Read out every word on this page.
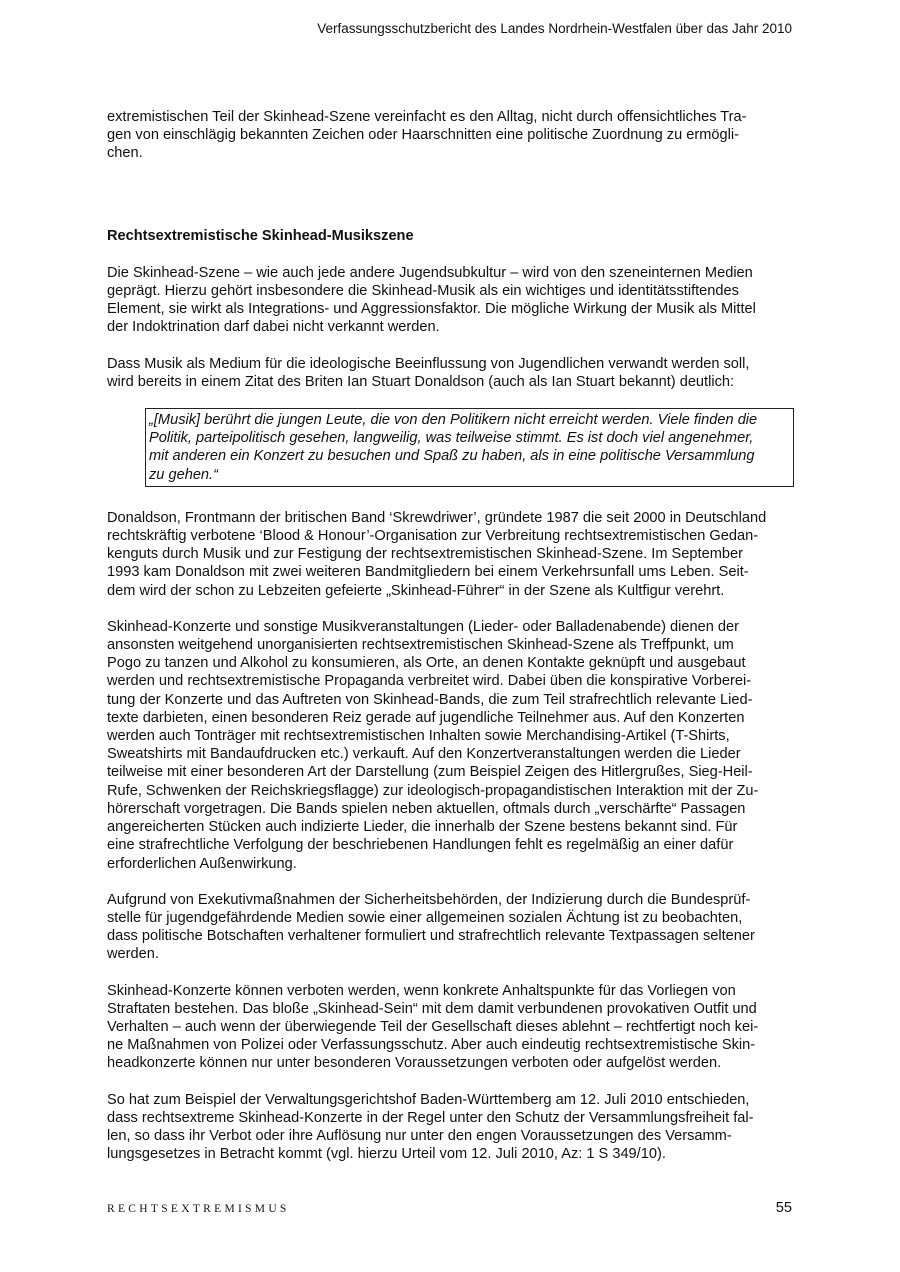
Verfassungsschutzbericht des Landes Nordrhein-Westfalen über das Jahr 2010
extremistischen Teil der Skinhead-Szene vereinfacht es den Alltag, nicht durch offensichtliches Tra-
gen von einschlägig bekannten Zeichen oder Haarschnitten eine politische Zuordnung zu ermögli-
chen.
Rechtsextremistische Skinhead-Musikszene
Die Skinhead-Szene – wie auch jede andere Jugendsubkultur – wird von den szeneinternen Medien
geprägt. Hierzu gehört insbesondere die Skinhead-Musik als ein wichtiges und identitätsstiftendes
Element, sie wirkt als Integrations- und Aggressionsfaktor. Die mögliche Wirkung der Musik als Mittel
der Indoktrination darf dabei nicht verkannt werden.
Dass Musik als Medium für die ideologische Beeinflussung von Jugendlichen verwandt werden soll,
wird bereits in einem Zitat des Briten Ian Stuart Donaldson (auch als Ian Stuart bekannt) deutlich:
„[Musik] berührt die jungen Leute, die von den Politikern nicht erreicht werden. Viele finden die
Politik, parteipolitisch gesehen, langweilig, was teilweise stimmt. Es ist doch viel angenehmer,
mit anderen ein Konzert zu besuchen und Spaß zu haben, als in eine politische Versammlung
zu gehen.“
Donaldson, Frontmann der britischen Band ‘Skrewdriwer’, gründete 1987 die seit 2000 in Deutschland
rechtskräftig verbotene ‘Blood & Honour’-Organisation zur Verbreitung rechtsextremistischen Gedan-
kenguts durch Musik und zur Festigung der rechtsextremistischen Skinhead-Szene. Im September
1993 kam Donaldson mit zwei weiteren Bandmitgliedern bei einem Verkehrsunfall ums Leben. Seit-
dem wird der schon zu Lebzeiten gefeierte „Skinhead-Führer“ in der Szene als Kultfigur verehrt.
Skinhead-Konzerte und sonstige Musikveranstaltungen (Lieder- oder Balladenabende) dienen der
ansonsten weitgehend unorganisierten rechtsextremistischen Skinhead-Szene als Treffpunkt, um
Pogo zu tanzen und Alkohol zu konsumieren, als Orte, an denen Kontakte geknüpft und ausgebaut
werden und rechtsextremistische Propaganda verbreitet wird. Dabei üben die konspirative Vorberei-
tung der Konzerte und das Auftreten von Skinhead-Bands, die zum Teil strafrechtlich relevante Lied-
texte darbieten, einen besonderen Reiz gerade auf jugendliche Teilnehmer aus. Auf den Konzerten
werden auch Tonträger mit rechtsextremistischen Inhalten sowie Merchandising-Artikel (T-Shirts,
Sweatshirts mit Bandaufdrucken etc.) verkauft. Auf den Konzertveranstaltungen werden die Lieder
teilweise mit einer besonderen Art der Darstellung (zum Beispiel Zeigen des Hitlergrußes, Sieg-Heil-
Rufe, Schwenken der Reichskriegsflagge) zur ideologisch-propagandistischen Interaktion mit der Zu-
hörerschaft vorgetragen. Die Bands spielen neben aktuellen, oftmals durch „verschärfte“ Passagen
angereicherten Stücken auch indizierte Lieder, die innerhalb der Szene bestens bekannt sind. Für
eine strafrechtliche Verfolgung der beschriebenen Handlungen fehlt es regelmäßig an einer dafür
erforderlichen Außenwirkung.
Aufgrund von Exekutivmaßnahmen der Sicherheitsbehörden, der Indizierung durch die Bundesprüf-
stelle für jugendgefährdende Medien sowie einer allgemeinen sozialen Ächtung ist zu beobachten,
dass politische Botschaften verhaltener formuliert und strafrechtlich relevante Textpassagen seltener
werden.
Skinhead-Konzerte können verboten werden, wenn konkrete Anhaltspunkte für das Vorliegen von
Straftaten bestehen. Das bloße „Skinhead-Sein“ mit dem damit verbundenen provokativen Outfit und
Verhalten – auch wenn der überwiegende Teil der Gesellschaft dieses ablehnt – rechtfertigt noch kei-
ne Maßnahmen von Polizei oder Verfassungsschutz. Aber auch eindeutig rechtsextremistische Skin-
headkonzerte können nur unter besonderen Voraussetzungen verboten oder aufgelöst werden.
So hat zum Beispiel der Verwaltungsgerichtshof Baden-Württemberg am 12. Juli 2010 entschieden,
dass rechtsextreme Skinhead-Konzerte in der Regel unter den Schutz der Versammlungsfreiheit fal-
len, so dass ihr Verbot oder ihre Auflösung nur unter den engen Voraussetzungen des Versamm-
lungsgesetzes in Betracht kommt (vgl. hierzu Urteil vom 12. Juli 2010, Az: 1 S 349/10).
RECHTSEXTREMISMUS	55
